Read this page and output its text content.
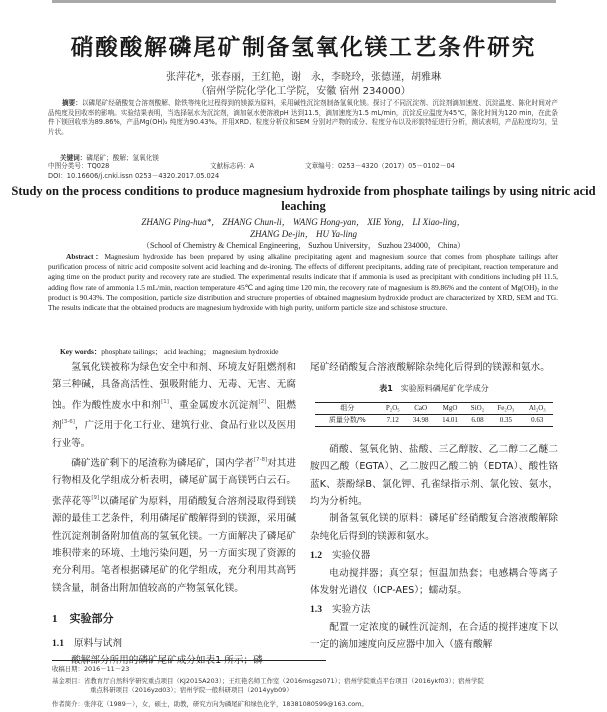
硝酸酸解磷尾矿制备氢氧化镁工艺条件研究
张萍花*，张春丽，王红艳，谢　永，李晓玲，张德谨，胡雅琳
（宿州学院化学化工学院，安徽 宿州 234000）
摘要：以磷尾矿经硝酸复合溶剂酸解、除铁等纯化过程得到的镁源为原料，采用碱性沉淀剂制备氢氧化镁。探讨了不同沉淀剂、沉淀剂滴加速度、沉淀温度、陈化时间对产品纯度及回收率的影响。实验结果表明，当选择氨水为沉淀剂，滴加氨水使溶液pH 达到11.5，滴加速度为1.5 mL/min，沉淀反应温度为45℃，陈化时间为120 min，在此条件下镁回收率为89.86%，产品Mg(OH)₂ 纯度为90.43%。并用XRD、粒度分析仪和SEM 分别对产物的成分、粒度分布以及形貌特征进行分析，测试表明，产品粒度均匀，呈片状。
关键词：磷尾矿；酸解；氢氧化镁
中图分类号：TQ028	文献标志码：A	文章编号：0253－4320（2017）05－0102－04
DOI：10.16606/j.cnki.issn 0253－4320.2017.05.024
Study on the process conditions to produce magnesium hydroxide from phosphate tailings by using nitric acid leaching
ZHANG Ping-hua*， ZHANG Chun-li， WANG Hong-yan， XIE Yong， LI Xiao-ling，
ZHANG De-jin， HU Ya-ling
（School of Chemistry & Chemical Engineering， Suzhou University， Suzhou 234000， China）
Abstract：Magnesium hydroxide has been prepared by using alkaline precipitating agent and magnesium source that comes from phosphate tailings after purification process of nitric acid composite solvent acid leaching and de-ironing. The effects of different precipitants, adding rate of precipitant, reaction temperature and aging time on the product purity and recovery rate are studied. The experimental results indicate that if ammonia is used as precipitant with conditions including pH 11.5, adding flow rate of ammonia 1.5 mL/min, reaction temperature 45℃ and aging time 120 min, the recovery rate of magnesium is 89.86% and the content of Mg(OH)₂ in the product is 90.43%. The composition, particle size distribution and structure properties of obtained magnesium hydroxide product are characterized by XRD, SEM and TG. The results indicate that the obtained products are magnesium hydroxide with high purity, uniform particle size and schistose structure.
Key words：phosphate tailings； acid leaching； magnesium hydroxide

氢氧化镁被称为绿色安全中和剂、环境友好阻燃剂和第三种碱，具备高活性、强吸附能力、无毒、无害、无腐蚀。作为酸性废水中和剂[1]、重金属废水沉淀剂[2]、阻燃剂[3-6]，广泛用于化工行业、建筑行业、食品行业以及医用行业等。

磷矿选矿剩下的尾渣称为磷尾矿，国内学者[7-8]对其进行物相及化学组成分析表明，磷尾矿属于高镁钙白云石。张萍花等[9]以磷尾矿为原料，用硝酸复合溶剂浸取得到镁源的最佳工艺条件，利用磷尾矿酸解得到的镁源，采用碱性沉淀剂制备附加值高的氢氧化镁。一方面解决了磷尾矿堆积带来的环境、土地污染问题，另一方面实现了资源的充分利用。笔者根据磷尾矿的化学组成，充分利用其高钙镁含量，制备出附加值较高的产物氢氧化镁。

1 实验部分
1.1 原料与试剂

尾矿经硝酸复合溶液酸解除杂纯化后得到的镁源和氨水。

表1 实验原料磷尾矿化学成分
组分	P₂O₅	CaO	MgO	SiO₂	Fe₂O₃	Al₂O₃
质量分数/%	7.12	34.98	14.01	6.08	0.35	0.63

硝酸、氢氧化钠、盐酸、三乙醇胺、乙二醇二乙醚二胺四乙酸（EGTA）、乙二胺四乙酸二钠（EDTA）、酸性铬蓝K、萘酚绿B、氯化钾、孔雀绿指示剂、氯化铵、氨水，均为分析纯。

制备氢氧化镁的原料：磷尾矿经硝酸复合溶液酸解除杂纯化后得到的镁源和氨水。

1.2 实验仪器

电动搅拌器；真空泵；恒温加热套；电感耦合等离子体发射光谱仪（ICP-AES）；蠕动泵。

1.3 实验方法

配置一定浓度的碱性沉淀剂，在合适的搅拌速度下以一定的滴加速度向反应器中加入（盛有酸解

收稿日期：2016－11－23
基金项目：省教育厅自然科学研究重点项目（KJ2015A203）；王红艳名师工作室（2016msgzs071）；宿州学院重点平台项目（2016ykf03）；宿州学院
重点科研项目（2016yzd03）；宿州学院一般科研项目（2014yyb09）
作者简介：张萍花（1989－），女，硕士，助教，研究方向为磷尾矿和绿色化学，18381080599@163.com。
